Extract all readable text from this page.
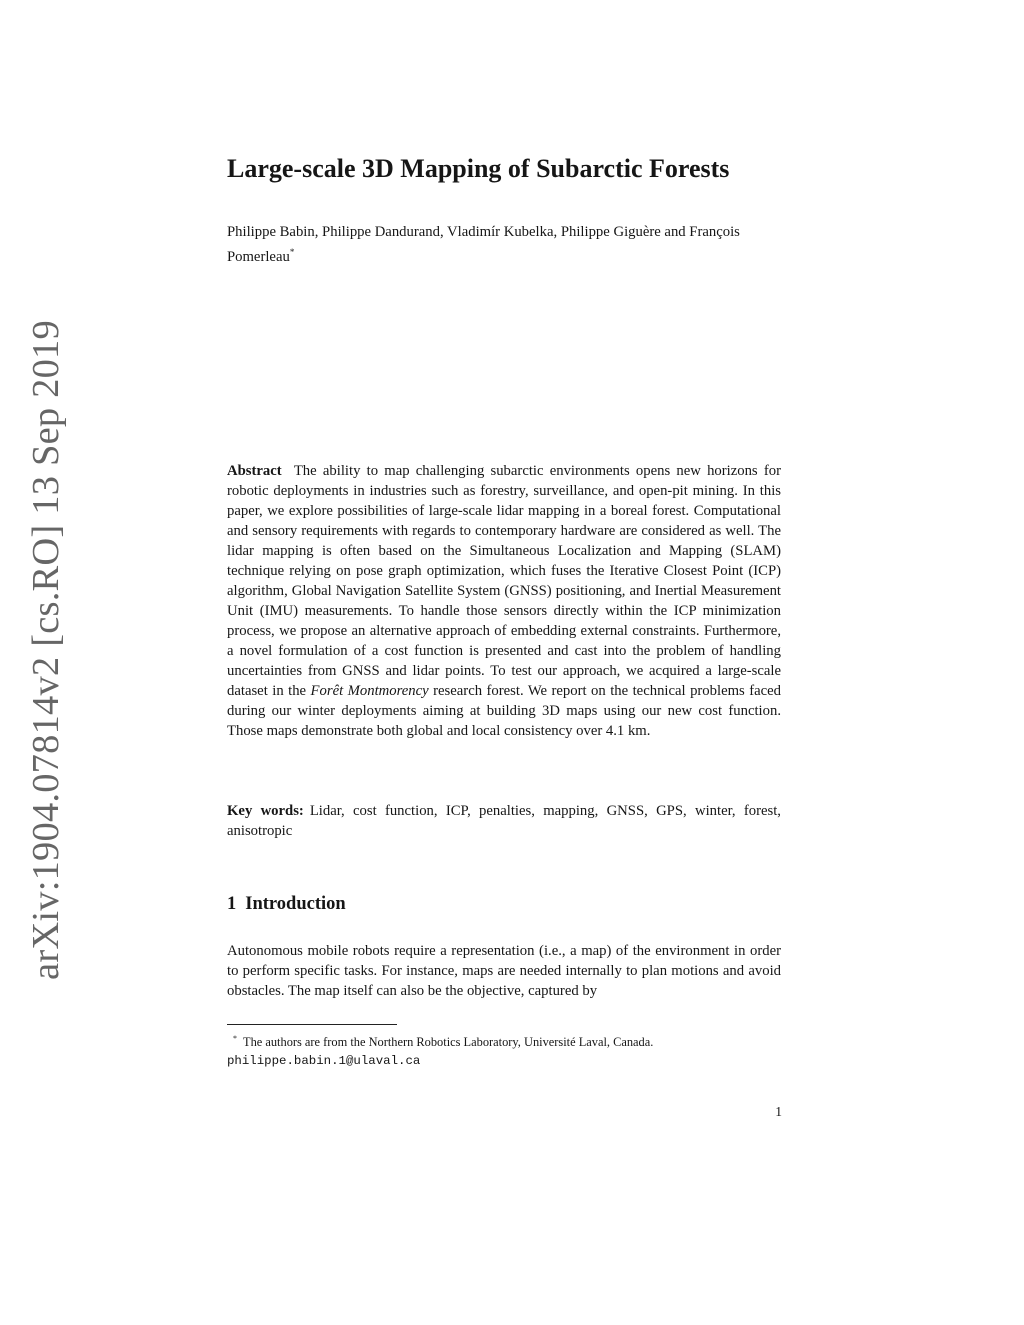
arXiv:1904.07814v2 [cs.RO] 13 Sep 2019
Large-scale 3D Mapping of Subarctic Forests

Philippe Babin, Philippe Dandurand, Vladimír Kubelka, Philippe Giguère and François Pomerleau*

Abstract The ability to map challenging subarctic environments opens new horizons for robotic deployments in industries such as forestry, surveillance, and open-pit mining. In this paper, we explore possibilities of large-scale lidar mapping in a boreal forest. Computational and sensory requirements with regards to contemporary hardware are considered as well. The lidar mapping is often based on the Simultaneous Localization and Mapping (SLAM) technique relying on pose graph optimization, which fuses the Iterative Closest Point (ICP) algorithm, Global Navigation Satellite System (GNSS) positioning, and Inertial Measurement Unit (IMU) measurements. To handle those sensors directly within the ICP minimization process, we propose an alternative approach of embedding external constraints. Furthermore, a novel formulation of a cost function is presented and cast into the problem of handling uncertainties from GNSS and lidar points. To test our approach, we acquired a large-scale dataset in the Forêt Montmorency research forest. We report on the technical problems faced during our winter deployments aiming at building 3D maps using our new cost function. Those maps demonstrate both global and local consistency over 4.1 km.

Key words: Lidar, cost function, ICP, penalties, mapping, GNSS, GPS, winter, forest, anisotropic

1 Introduction

Autonomous mobile robots require a representation (i.e., a map) of the environment in order to perform specific tasks. For instance, maps are needed internally to plan motions and avoid obstacles. The map itself can also be the objective, captured by

* The authors are from the Northern Robotics Laboratory, Université Laval, Canada.
philippe.babin.1@ulaval.ca

1
